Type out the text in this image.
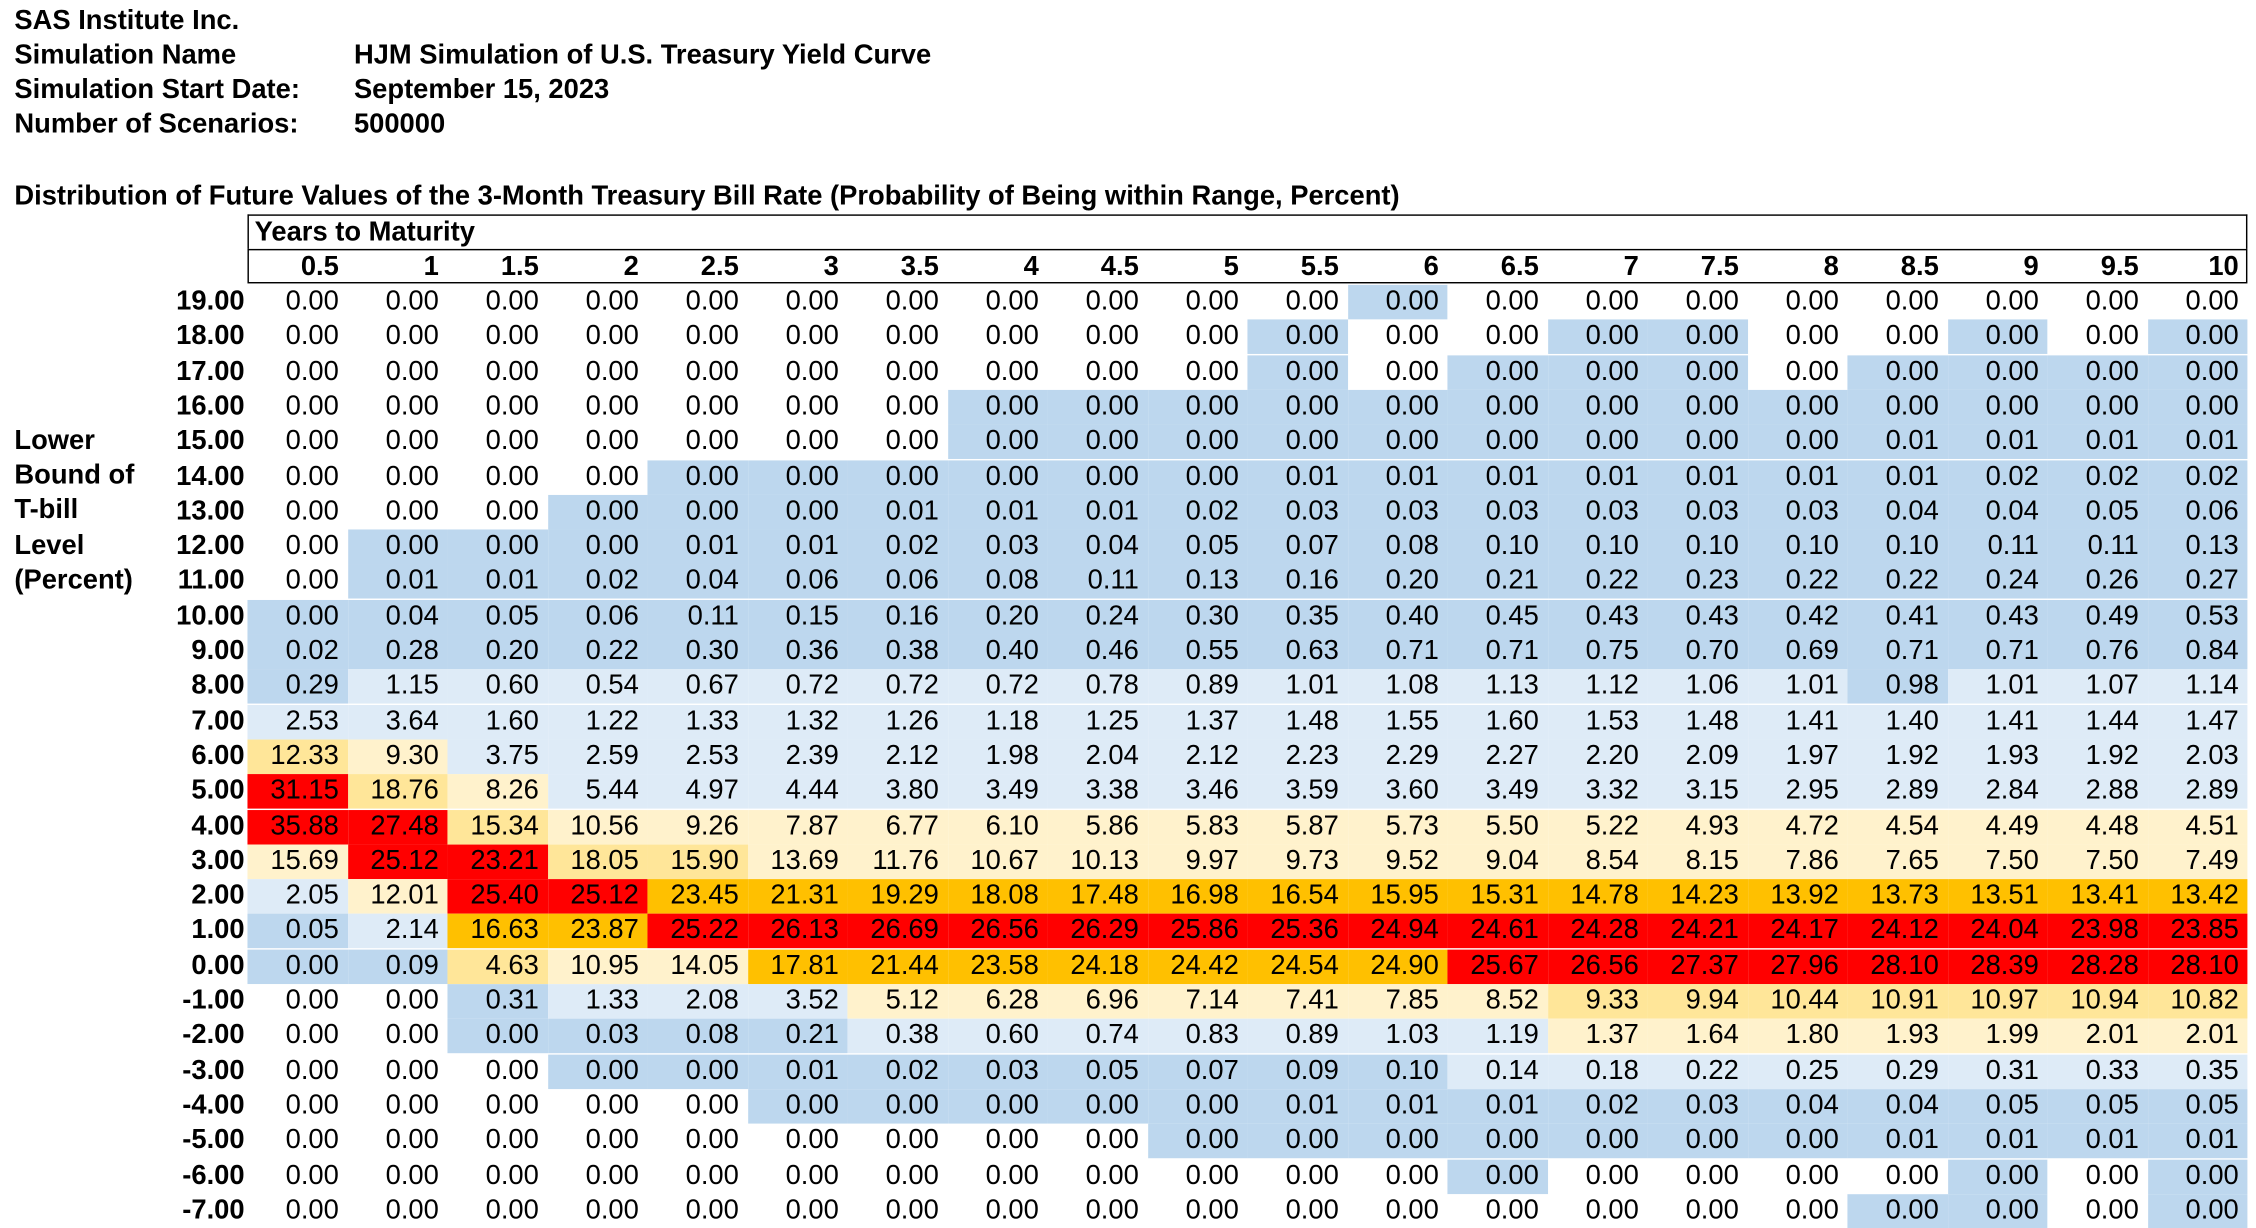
SAS Institute Inc.
Simulation Name	HJM Simulation of U.S. Treasury Yield Curve
Simulation Start Date:	September 15, 2023
Number of Scenarios:	500000
Distribution of Future Values of the 3-Month Treasury Bill Rate (Probability of Being within Range, Percent)
Years to Maturity
0.5	1	1.5	2	2.5	3	3.5	4	4.5	5	5.5	6	6.5	7	7.5	8	8.5	9	9.5	10
Lower
Bound of
T-bill
Level
(Percent)
19.00	0.00	0.00	0.00	0.00	0.00	0.00	0.00	0.00	0.00	0.00	0.00	0.00	0.00	0.00	0.00	0.00	0.00	0.00	0.00	0.00
18.00	0.00	0.00	0.00	0.00	0.00	0.00	0.00	0.00	0.00	0.00	0.00	0.00	0.00	0.00	0.00	0.00	0.00	0.00	0.00	0.00
17.00	0.00	0.00	0.00	0.00	0.00	0.00	0.00	0.00	0.00	0.00	0.00	0.00	0.00	0.00	0.00	0.00	0.00	0.00	0.00	0.00
16.00	0.00	0.00	0.00	0.00	0.00	0.00	0.00	0.00	0.00	0.00	0.00	0.00	0.00	0.00	0.00	0.00	0.00	0.00	0.00	0.00
15.00	0.00	0.00	0.00	0.00	0.00	0.00	0.00	0.00	0.00	0.00	0.00	0.00	0.00	0.00	0.00	0.00	0.01	0.01	0.01	0.01
14.00	0.00	0.00	0.00	0.00	0.00	0.00	0.00	0.00	0.00	0.00	0.01	0.01	0.01	0.01	0.01	0.01	0.01	0.02	0.02	0.02
13.00	0.00	0.00	0.00	0.00	0.00	0.00	0.01	0.01	0.01	0.02	0.03	0.03	0.03	0.03	0.03	0.03	0.04	0.04	0.05	0.06
12.00	0.00	0.00	0.00	0.00	0.01	0.01	0.02	0.03	0.04	0.05	0.07	0.08	0.10	0.10	0.10	0.10	0.10	0.11	0.11	0.13
11.00	0.00	0.01	0.01	0.02	0.04	0.06	0.06	0.08	0.11	0.13	0.16	0.20	0.21	0.22	0.23	0.22	0.22	0.24	0.26	0.27
10.00	0.00	0.04	0.05	0.06	0.11	0.15	0.16	0.20	0.24	0.30	0.35	0.40	0.45	0.43	0.43	0.42	0.41	0.43	0.49	0.53
9.00	0.02	0.28	0.20	0.22	0.30	0.36	0.38	0.40	0.46	0.55	0.63	0.71	0.71	0.75	0.70	0.69	0.71	0.71	0.76	0.84
8.00	0.29	1.15	0.60	0.54	0.67	0.72	0.72	0.72	0.78	0.89	1.01	1.08	1.13	1.12	1.06	1.01	0.98	1.01	1.07	1.14
7.00	2.53	3.64	1.60	1.22	1.33	1.32	1.26	1.18	1.25	1.37	1.48	1.55	1.60	1.53	1.48	1.41	1.40	1.41	1.44	1.47
6.00	12.33	9.30	3.75	2.59	2.53	2.39	2.12	1.98	2.04	2.12	2.23	2.29	2.27	2.20	2.09	1.97	1.92	1.93	1.92	2.03
5.00	31.15	18.76	8.26	5.44	4.97	4.44	3.80	3.49	3.38	3.46	3.59	3.60	3.49	3.32	3.15	2.95	2.89	2.84	2.88	2.89
4.00	35.88	27.48	15.34	10.56	9.26	7.87	6.77	6.10	5.86	5.83	5.87	5.73	5.50	5.22	4.93	4.72	4.54	4.49	4.48	4.51
3.00	15.69	25.12	23.21	18.05	15.90	13.69	11.76	10.67	10.13	9.97	9.73	9.52	9.04	8.54	8.15	7.86	7.65	7.50	7.50	7.49
2.00	2.05	12.01	25.40	25.12	23.45	21.31	19.29	18.08	17.48	16.98	16.54	15.95	15.31	14.78	14.23	13.92	13.73	13.51	13.41	13.42
1.00	0.05	2.14	16.63	23.87	25.22	26.13	26.69	26.56	26.29	25.86	25.36	24.94	24.61	24.28	24.21	24.17	24.12	24.04	23.98	23.85
0.00	0.00	0.09	4.63	10.95	14.05	17.81	21.44	23.58	24.18	24.42	24.54	24.90	25.67	26.56	27.37	27.96	28.10	28.39	28.28	28.10
-1.00	0.00	0.00	0.31	1.33	2.08	3.52	5.12	6.28	6.96	7.14	7.41	7.85	8.52	9.33	9.94	10.44	10.91	10.97	10.94	10.82
-2.00	0.00	0.00	0.00	0.03	0.08	0.21	0.38	0.60	0.74	0.83	0.89	1.03	1.19	1.37	1.64	1.80	1.93	1.99	2.01	2.01
-3.00	0.00	0.00	0.00	0.00	0.00	0.01	0.02	0.03	0.05	0.07	0.09	0.10	0.14	0.18	0.22	0.25	0.29	0.31	0.33	0.35
-4.00	0.00	0.00	0.00	0.00	0.00	0.00	0.00	0.00	0.00	0.00	0.01	0.01	0.01	0.02	0.03	0.04	0.04	0.05	0.05	0.05
-5.00	0.00	0.00	0.00	0.00	0.00	0.00	0.00	0.00	0.00	0.00	0.00	0.00	0.00	0.00	0.00	0.00	0.01	0.01	0.01	0.01
-6.00	0.00	0.00	0.00	0.00	0.00	0.00	0.00	0.00	0.00	0.00	0.00	0.00	0.00	0.00	0.00	0.00	0.00	0.00	0.00	0.00
-7.00	0.00	0.00	0.00	0.00	0.00	0.00	0.00	0.00	0.00	0.00	0.00	0.00	0.00	0.00	0.00	0.00	0.00	0.00	0.00	0.00
